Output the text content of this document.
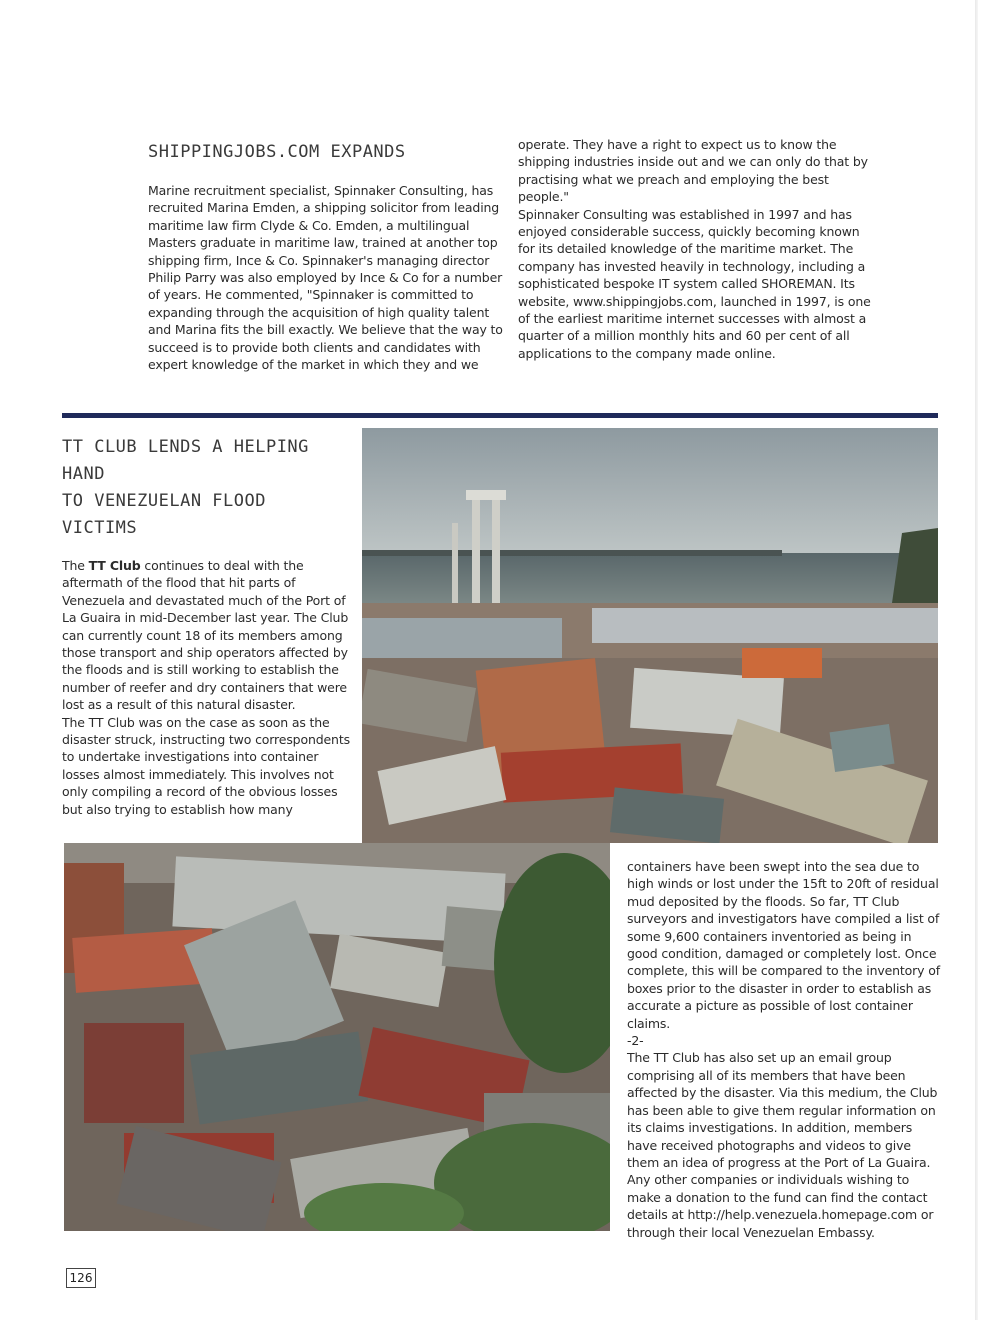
SHIPPINGJOBS.COM EXPANDS

Marine recruitment specialist, Spinnaker Consulting, has recruited Marina Emden, a shipping solicitor from leading maritime law firm Clyde & Co. Emden, a multilingual Masters graduate in maritime law, trained at another top shipping firm, Ince & Co. Spinnaker's managing director Philip Parry was also employed by Ince & Co for a number of years. He commented, "Spinnaker is committed to expanding through the acquisition of high quality talent and Marina fits the bill exactly. We believe that the way to succeed is to provide both clients and candidates with expert knowledge of the market in which they and we

operate. They have a right to expect us to know the shipping industries inside out and we can only do that by practising what we preach and employing the best people."

Spinnaker Consulting was established in 1997 and has enjoyed considerable success, quickly becoming known for its detailed knowledge of the maritime market. The company has invested heavily in technology, including a sophisticated bespoke IT system called SHOREMAN. Its website, www.shippingjobs.com, launched in 1997, is one of the earliest maritime internet successes with almost a quarter of a million monthly hits and 60 per cent of all applications to the company made online.

TT CLUB LENDS A HELPING
HAND
TO VENEZUELAN FLOOD
VICTIMS

The TT Club continues to deal with the aftermath of the flood that hit parts of Venezuela and devastated much of the Port of La Guaira in mid-December last year. The Club can currently count 18 of its members among those transport and ship operators affected by the floods and is still working to establish the number of reefer and dry containers that were lost as a result of this natural disaster.

The TT Club was on the case as soon as the disaster struck, instructing two correspondents to undertake investigations into container losses almost immediately. This involves not only compiling a record of the obvious losses but also trying to establish how many

containers have been swept into the sea due to high winds or lost under the 15ft to 20ft of residual mud deposited by the floods. So far, TT Club surveyors and investigators have compiled a list of some 9,600 containers inventoried as being in good condition, damaged or completely lost. Once complete, this will be compared to the inventory of boxes prior to the disaster in order to establish as accurate a picture as possible of lost container claims.

-2-

The TT Club has also set up an email group comprising all of its members that have been affected by the disaster. Via this medium, the Club has been able to give them regular information on its claims investigations. In addition, members have received photographs and videos to give them an idea of progress at the Port of La Guaira.

Any other companies or individuals wishing to make a donation to the fund can find the contact details at http://help.venezuela.homepage.com or through their local Venezuelan Embassy.

126
